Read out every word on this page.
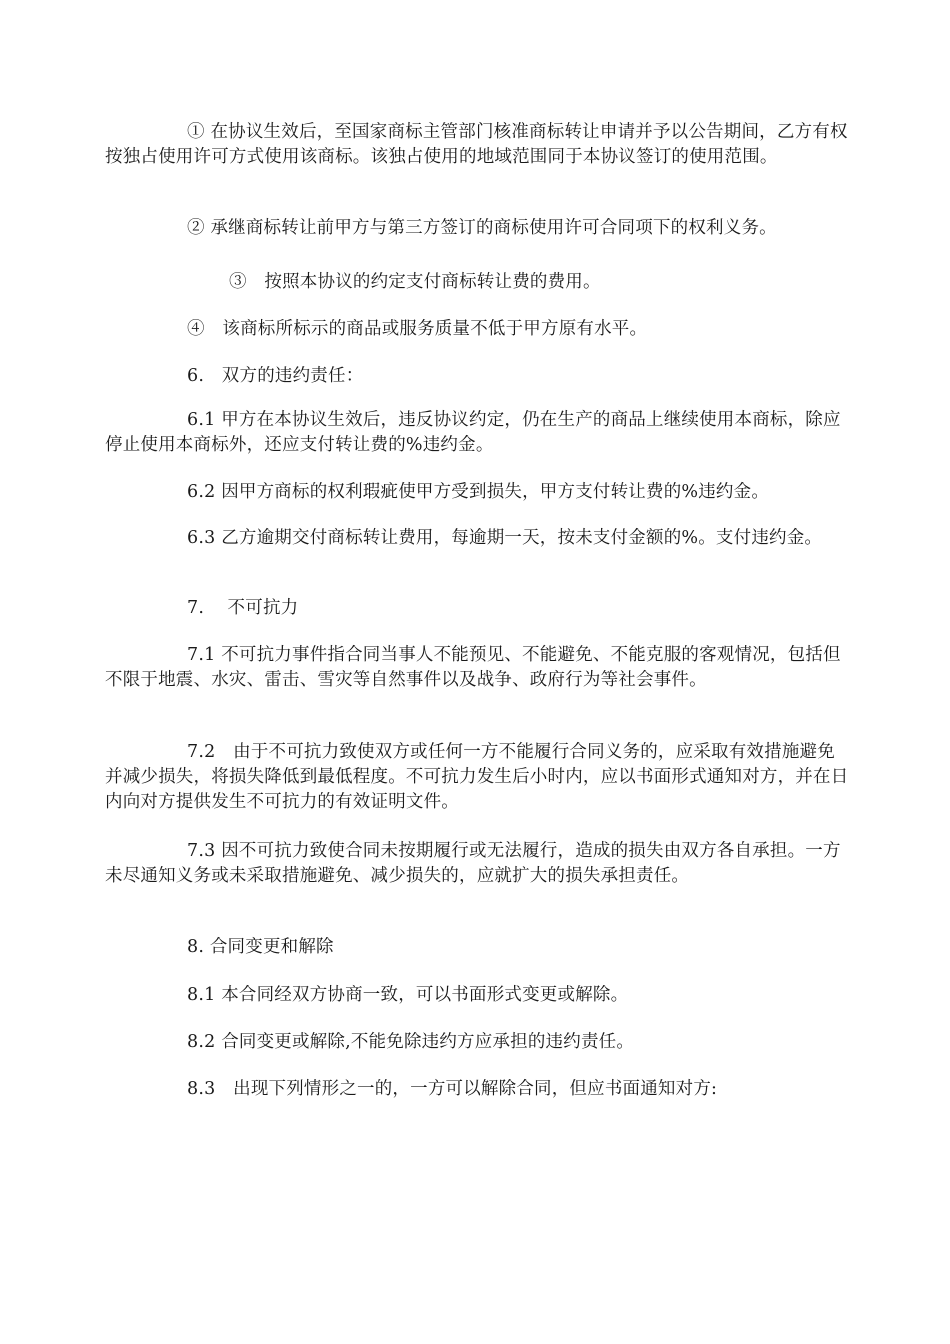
① 在协议生效后，至国家商标主管部门核准商标转让申请并予以公告期间，乙方有权按独占使用许可方式使用该商标。该独占使用的地域范围同于本协议签订的使用范围。

② 承继商标转让前甲方与第三方签订的商标使用许可合同项下的权利义务。

③　按照本协议的约定支付商标转让费的费用。

④　该商标所标示的商品或服务质量不低于甲方原有水平。

6.　双方的违约责任：

6.1 甲方在本协议生效后，违反协议约定，仍在生产的商品上继续使用本商标，除应停止使用本商标外，还应支付转让费的%违约金。

6.2 因甲方商标的权利瑕疵使甲方受到损失，甲方支付转让费的%违约金。

6.3 乙方逾期交付商标转让费用，每逾期一天，按未支付金额的%。支付违约金。

7.　 不可抗力

7.1 不可抗力事件指合同当事人不能预见、不能避免、不能克服的客观情况，包括但不限于地震、水灾、雷击、雪灾等自然事件以及战争、政府行为等社会事件。

7.2　由于不可抗力致使双方或任何一方不能履行合同义务的，应采取有效措施避免并减少损失，将损失降低到最低程度。不可抗力发生后小时内，应以书面形式通知对方，并在日内向对方提供发生不可抗力的有效证明文件。

7.3 因不可抗力致使合同未按期履行或无法履行，造成的损失由双方各自承担。一方未尽通知义务或未采取措施避免、减少损失的，应就扩大的损失承担责任。

8. 合同变更和解除

8.1 本合同经双方协商一致，可以书面形式变更或解除。

8.2 合同变更或解除,不能免除违约方应承担的违约责任。

8.3　出现下列情形之一的，一方可以解除合同，但应书面通知对方:
